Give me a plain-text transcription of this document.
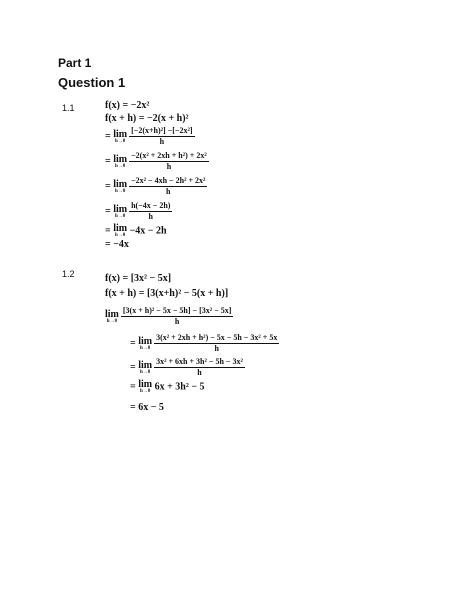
Part 1
Question 1
1.1	f(x) = −2x²
f(x + h) = −2(x + h)²
= lim
$h\to 0 \frac{\text{[−2(x+h)²] −[−2x²]}}{h}$
= lim
$h\to 0 \frac{\text{−2(x² + 2xh + h²) + 2x²}}{h}$
= lim
$h\to 0 \frac{\text{−2x² − 4xh − 2h² + 2x²}}{h}$
= lim
$h\to 0 \frac{h(-4x - 2h)}{h}$
= lim
h→0 −4x − 2h
= −4x
1.2	f(x) = [3x² − 5x]
f(x + h) = [3(x+h)² − 5(x + h)]
lim
$h\to 0 \frac{\text{[3(x + h)² − 5x − 5h] − [3x² − 5x]}}{h}$
= lim
$h\to 0 \frac{\text{3(x² + 2xh + h²) − 5x − 5h − 3x² + 5x}}{h}$
= lim
$h\to 0 \frac{\text{3x² + 6xh + 3h² − 5h − 3x²}}{h}$
= lim
h→0 6x + 3h² − 5
= 6x − 5
